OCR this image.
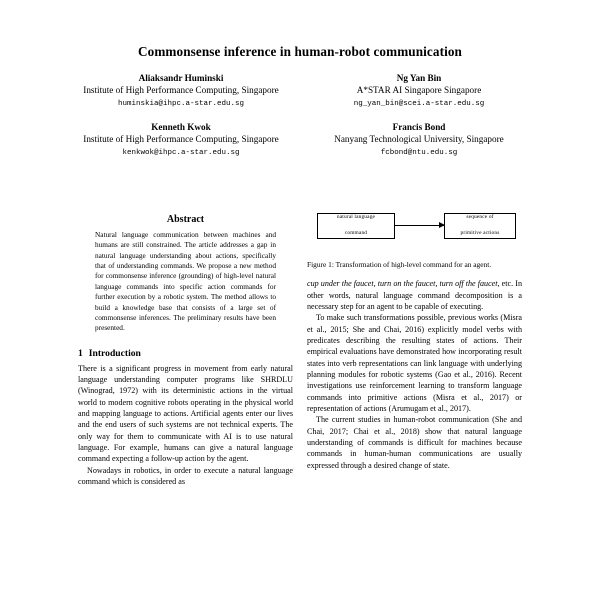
Commonsense inference in human-robot communication
Aliaksandr Huminski
Institute of High Performance Computing, Singapore
huminskia@ihpc.a-star.edu.sg
Ng Yan Bin
A*STAR AI Singapore Singapore
ng_yan_bin@scei.a-star.edu.sg
Kenneth Kwok
Institute of High Performance Computing, Singapore
kenkwok@ihpc.a-star.edu.sg
Francis Bond
Nanyang Technological University, Singapore
fcbond@ntu.edu.sg
Abstract
Natural language communication between machines and humans are still constrained. The article addresses a gap in natural language understanding about actions, specifically that of understanding commands. We propose a new method for commonsense inference (grounding) of high-level natural language commands into specific action commands for further execution by a robotic system. The method allows to build a knowledge base that consists of a large set of commonsense inferences. The preliminary results have been presented.
1 Introduction

There is a significant progress in movement from early natural language understanding computer programs like SHRDLU (Winograd, 1972) with its deterministic actions in the virtual world to modern cognitive robots operating in the physical world and mapping language to actions. Artificial agents enter our lives and the end users of such systems are not technical experts. The only way for them to communicate with AI is to use natural language. For example, humans can give a natural language command expecting a follow-up action by the agent.

Nowadays in robotics, in order to execute a natural language command which is considered as

natural language

command
sequence of

primitive actions
Figure 1: Transformation of high-level command for an agent.

cup under the faucet, turn on the faucet, turn off the faucet, etc. In other words, natural language command decomposition is a necessary step for an agent to be capable of executing.

To make such transformations possible, previous works (Misra et al., 2015; She and Chai, 2016) explicitly model verbs with predicates describing the resulting states of actions. Their empirical evaluations have demonstrated how incorporating result states into verb representations can link language with underlying planning modules for robotic systems (Gao et al., 2016). Recent investigations use reinforcement learning to transform language commands into primitive actions (Misra et al., 2017) or representation of actions (Arumugam et al., 2017).

The current studies in human-robot communication (She and Chai, 2017; Chai et al., 2018) show that natural language understanding of commands is difficult for machines because commands in human-human communications are usually expressed through a desired change of state.
